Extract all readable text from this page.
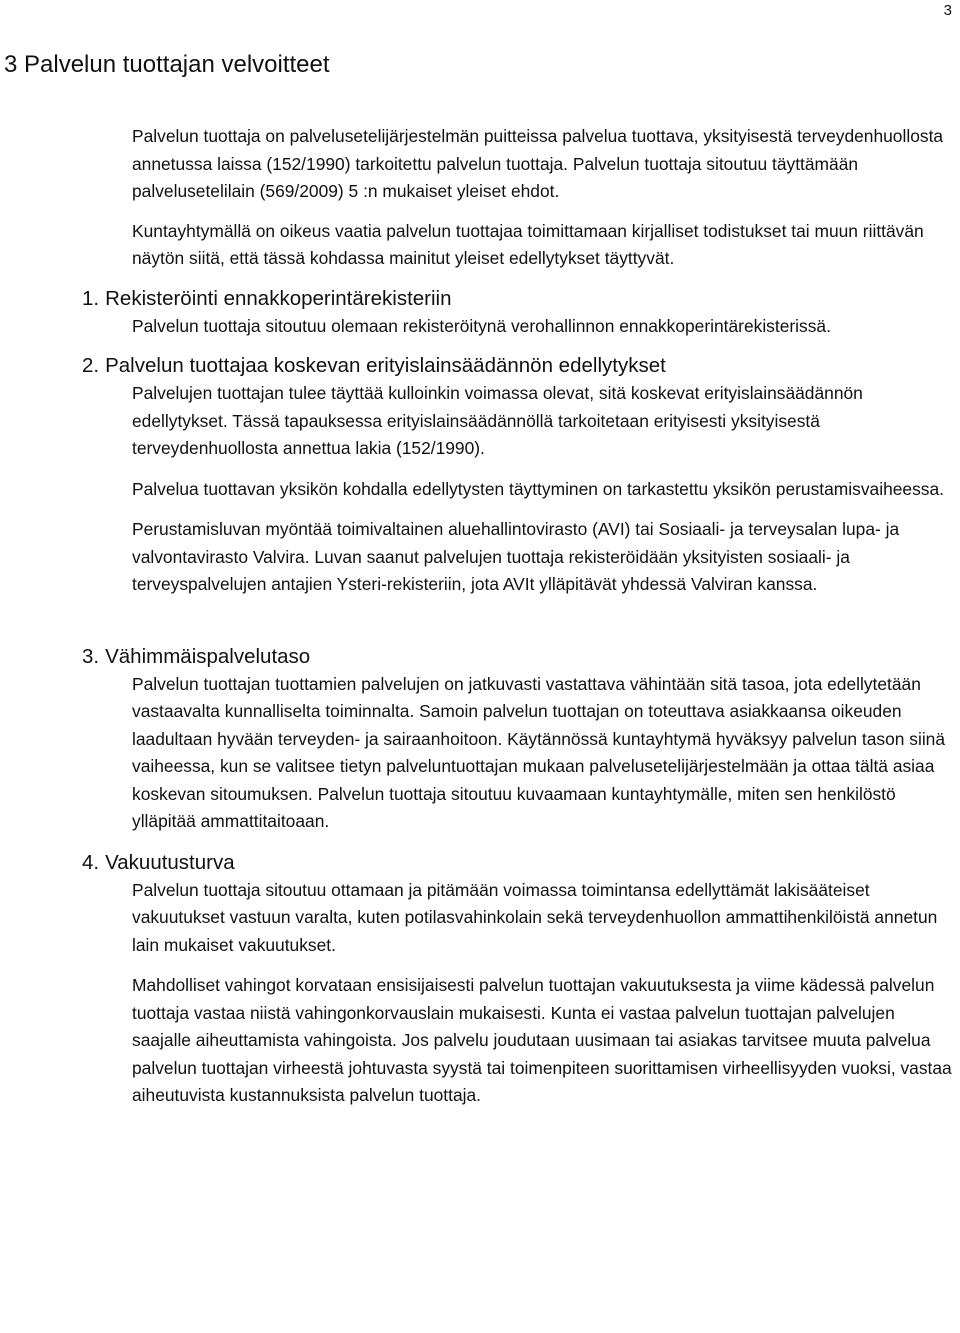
3
3 Palvelun tuottajan velvoitteet

Palvelun tuottaja on palvelusetelijärjestelmän puitteissa palvelua tuottava, yksityisestä terveydenhuollosta annetussa laissa (152/1990) tarkoitettu palvelun tuottaja. Palvelun tuottaja sitoutuu täyttämään palvelusetelilain (569/2009) 5 :n mukaiset yleiset ehdot.

Kuntayhtymällä on oikeus vaatia palvelun tuottajaa toimittamaan kirjalliset todistukset tai muun riittävän näytön siitä, että tässä kohdassa mainitut yleiset edellytykset täyttyvät.

1. Rekisteröinti ennakkoperintärekisteriin

Palvelun tuottaja sitoutuu olemaan rekisteröitynä verohallinnon ennakkoperintärekisterissä.

2. Palvelun tuottajaa koskevan erityislainsäädännön edellytykset

Palvelujen tuottajan tulee täyttää kulloinkin voimassa olevat, sitä koskevat erityislainsäädännön edellytykset. Tässä tapauksessa erityislainsäädännöllä tarkoitetaan erityisesti yksityisestä terveydenhuollosta annettua lakia (152/1990).

Palvelua tuottavan yksikön kohdalla edellytysten täyttyminen on tarkastettu yksikön perustamisvaiheessa.

Perustamisluvan myöntää toimivaltainen aluehallintovirasto (AVI) tai Sosiaali- ja terveysalan lupa- ja valvontavirasto Valvira. Luvan saanut palvelujen tuottaja rekisteröidään yksityisten sosiaali- ja terveyspalvelujen antajien Ysteri-rekisteriin, jota AVIt ylläpitävät yhdessä Valviran kanssa.

3. Vähimmäispalvelutaso

Palvelun tuottajan tuottamien palvelujen on jatkuvasti vastattava vähintään sitä tasoa, jota edellytetään vastaavalta kunnalliselta toiminnalta. Samoin palvelun tuottajan on toteuttava asiakkaansa oikeuden laadultaan hyvään terveyden- ja sairaanhoitoon. Käytännössä kuntayhtymä hyväksyy palvelun tason siinä vaiheessa, kun se valitsee tietyn palveluntuottajan mukaan palvelusetelijärjestelmään ja ottaa tältä asiaa koskevan sitoumuksen. Palvelun tuottaja sitoutuu kuvaamaan kuntayhtymälle, miten sen henkilöstö ylläpitää ammattitaitoaan.

4. Vakuutusturva

Palvelun tuottaja sitoutuu ottamaan ja pitämään voimassa toimintansa edellyttämät lakisääteiset vakuutukset vastuun varalta, kuten potilasvahinkolain sekä terveydenhuollon ammattihenkilöistä annetun lain mukaiset vakuutukset.

Mahdolliset vahingot korvataan ensisijaisesti palvelun tuottajan vakuutuksesta ja viime kädessä palvelun tuottaja vastaa niistä vahingonkorvauslain mukaisesti. Kunta ei vastaa palvelun tuottajan palvelujen saajalle aiheuttamista vahingoista. Jos palvelu joudutaan uusimaan tai asiakas tarvitsee muuta palvelua palvelun tuottajan virheestä johtuvasta syystä tai toimenpiteen suorittamisen virheellisyyden vuoksi, vastaa aiheutuvista kustannuksista palvelun tuottaja.
